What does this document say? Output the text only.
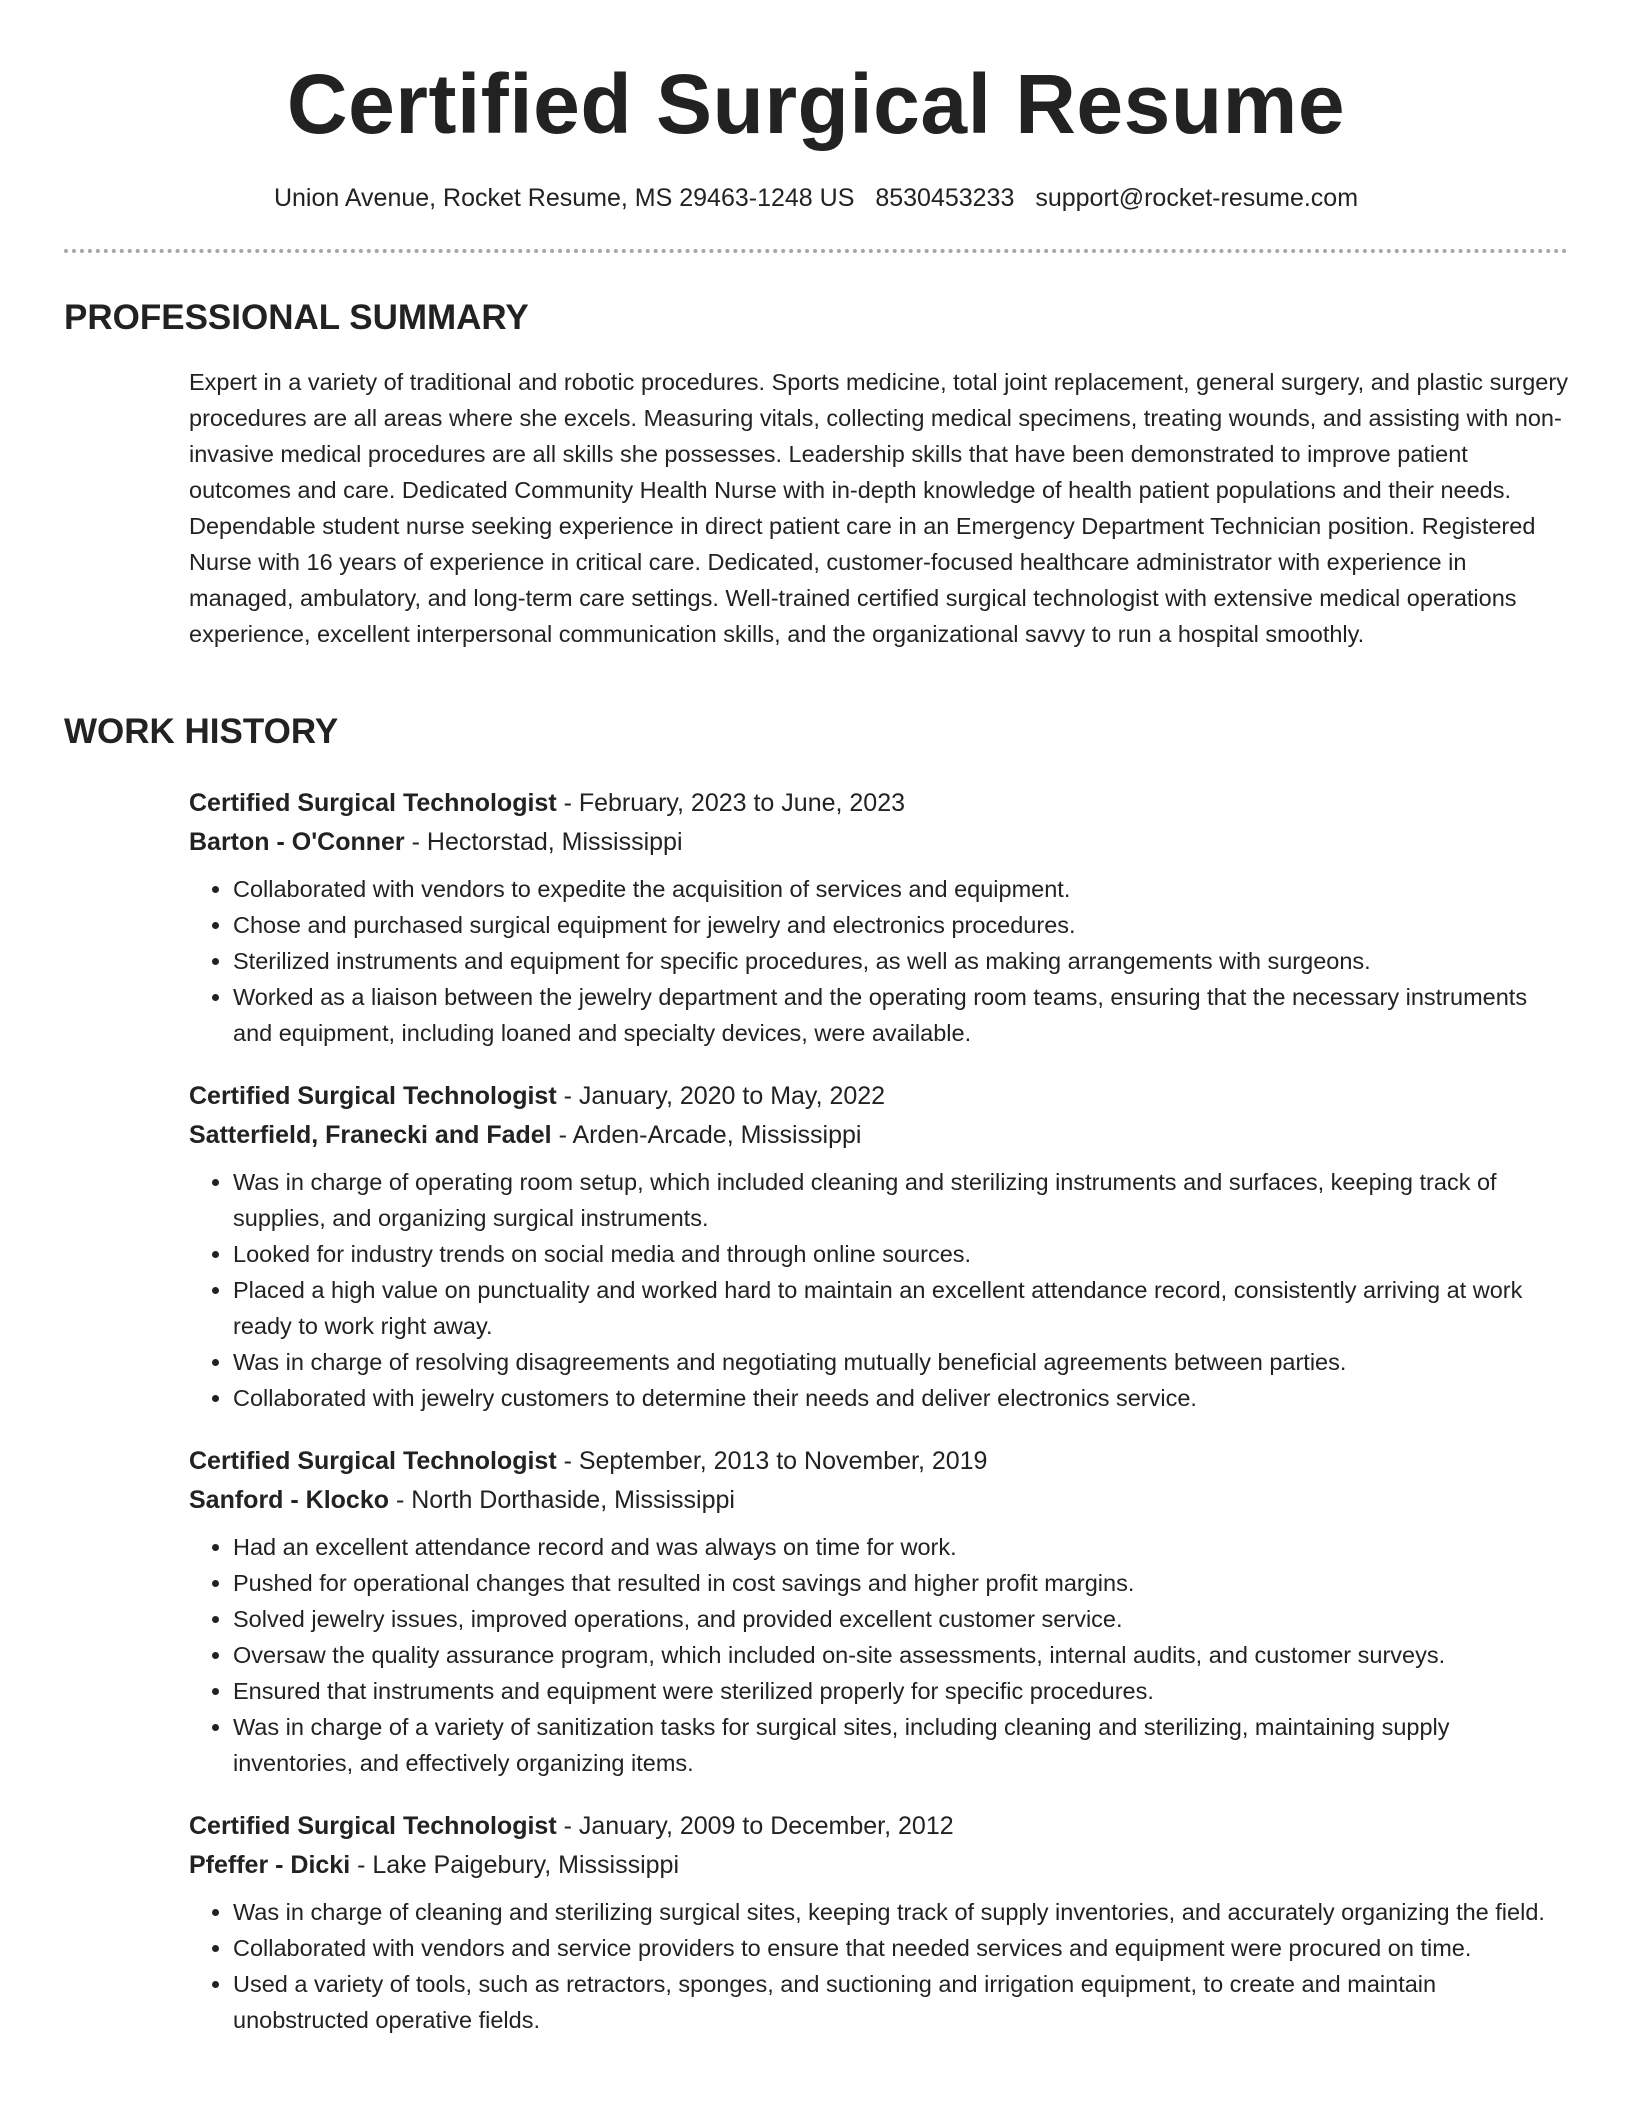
Certified Surgical Resume
Union Avenue, Rocket Resume, MS 29463-1248 US 8530453233 support@rocket-resume.com
PROFESSIONAL SUMMARY

Expert in a variety of traditional and robotic procedures. Sports medicine, total joint replacement, general surgery, and plastic surgery procedures are all areas where she excels. Measuring vitals, collecting medical specimens, treating wounds, and assisting with non-invasive medical procedures are all skills she possesses. Leadership skills that have been demonstrated to improve patient outcomes and care. Dedicated Community Health Nurse with in-depth knowledge of health patient populations and their needs. Dependable student nurse seeking experience in direct patient care in an Emergency Department Technician position. Registered Nurse with 16 years of experience in critical care. Dedicated, customer-focused healthcare administrator with experience in managed, ambulatory, and long-term care settings. Well-trained certified surgical technologist with extensive medical operations experience, excellent interpersonal communication skills, and the organizational savvy to run a hospital smoothly.

WORK HISTORY

Certified Surgical Technologist - February, 2023 to June, 2023

Barton - O'Conner - Hectorstad, Mississippi

• Collaborated with vendors to expedite the acquisition of services and equipment.
• Chose and purchased surgical equipment for jewelry and electronics procedures.
• Sterilized instruments and equipment for specific procedures, as well as making arrangements with surgeons.
• Worked as a liaison between the jewelry department and the operating room teams, ensuring that the necessary instruments and equipment, including loaned and specialty devices, were available.

Certified Surgical Technologist - January, 2020 to May, 2022

Satterfield, Franecki and Fadel - Arden-Arcade, Mississippi

• Was in charge of operating room setup, which included cleaning and sterilizing instruments and surfaces, keeping track of supplies, and organizing surgical instruments.
• Looked for industry trends on social media and through online sources.
• Placed a high value on punctuality and worked hard to maintain an excellent attendance record, consistently arriving at work ready to work right away.
• Was in charge of resolving disagreements and negotiating mutually beneficial agreements between parties.
• Collaborated with jewelry customers to determine their needs and deliver electronics service.

Certified Surgical Technologist - September, 2013 to November, 2019

Sanford - Klocko - North Dorthaside, Mississippi

• Had an excellent attendance record and was always on time for work.
• Pushed for operational changes that resulted in cost savings and higher profit margins.
• Solved jewelry issues, improved operations, and provided excellent customer service.
• Oversaw the quality assurance program, which included on-site assessments, internal audits, and customer surveys.
• Ensured that instruments and equipment were sterilized properly for specific procedures.
• Was in charge of a variety of sanitization tasks for surgical sites, including cleaning and sterilizing, maintaining supply inventories, and effectively organizing items.

Certified Surgical Technologist - January, 2009 to December, 2012

Pfeffer - Dicki - Lake Paigebury, Mississippi

• Was in charge of cleaning and sterilizing surgical sites, keeping track of supply inventories, and accurately organizing the field.
• Collaborated with vendors and service providers to ensure that needed services and equipment were procured on time.
• Used a variety of tools, such as retractors, sponges, and suctioning and irrigation equipment, to create and maintain unobstructed operative fields.
